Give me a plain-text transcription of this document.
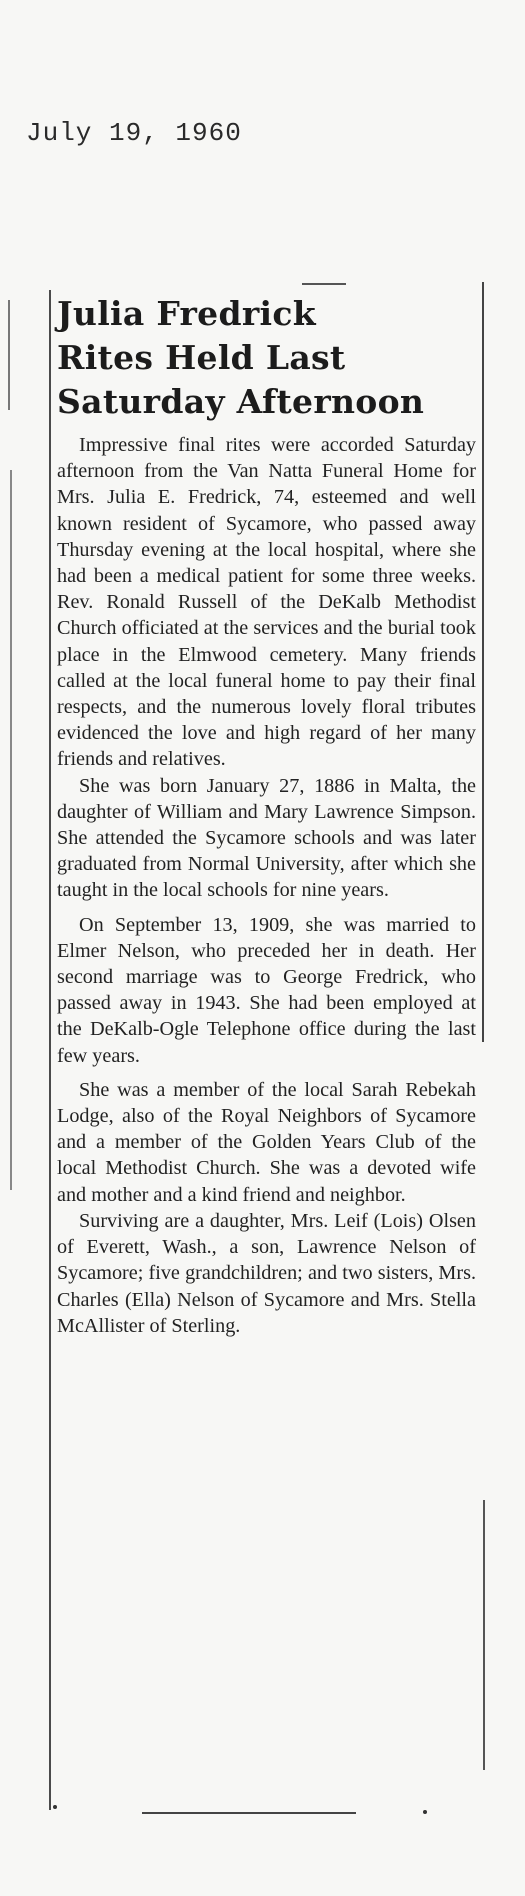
July 19, 1960
Julia Fredrick
Rites Held Last
Saturday Afternoon

Impressive final rites were accorded Saturday afternoon from the Van Natta Funeral Home for Mrs. Julia E. Fredrick, 74, esteemed and well known resident of Sycamore, who passed away Thursday evening at the local hospital, where she had been a medical patient for some three weeks. Rev. Ronald Russell of the DeKalb Methodist Church officiated at the services and the burial took place in the Elmwood cemetery. Many friends called at the local funeral home to pay their final respects, and the numerous lovely floral tributes evidenced the love and high regard of her many friends and relatives.

She was born January 27, 1886 in Malta, the daughter of William and Mary Lawrence Simpson. She attended the Sycamore schools and was later graduated from Normal University, after which she taught in the local schools for nine years.

On September 13, 1909, she was married to Elmer Nelson, who preceded her in death. Her second marriage was to George Fredrick, who passed away in 1943. She had been employed at the DeKalb-Ogle Telephone office during the last few years.

She was a member of the local Sarah Rebekah Lodge, also of the Royal Neighbors of Sycamore and a member of the Golden Years Club of the local Methodist Church. She was a devoted wife and mother and a kind friend and neighbor.

Surviving are a daughter, Mrs. Leif (Lois) Olsen of Everett, Wash., a son, Lawrence Nelson of Sycamore; five grandchildren; and two sisters, Mrs. Charles (Ella) Nelson of Sycamore and Mrs. Stella McAllister of Sterling.
